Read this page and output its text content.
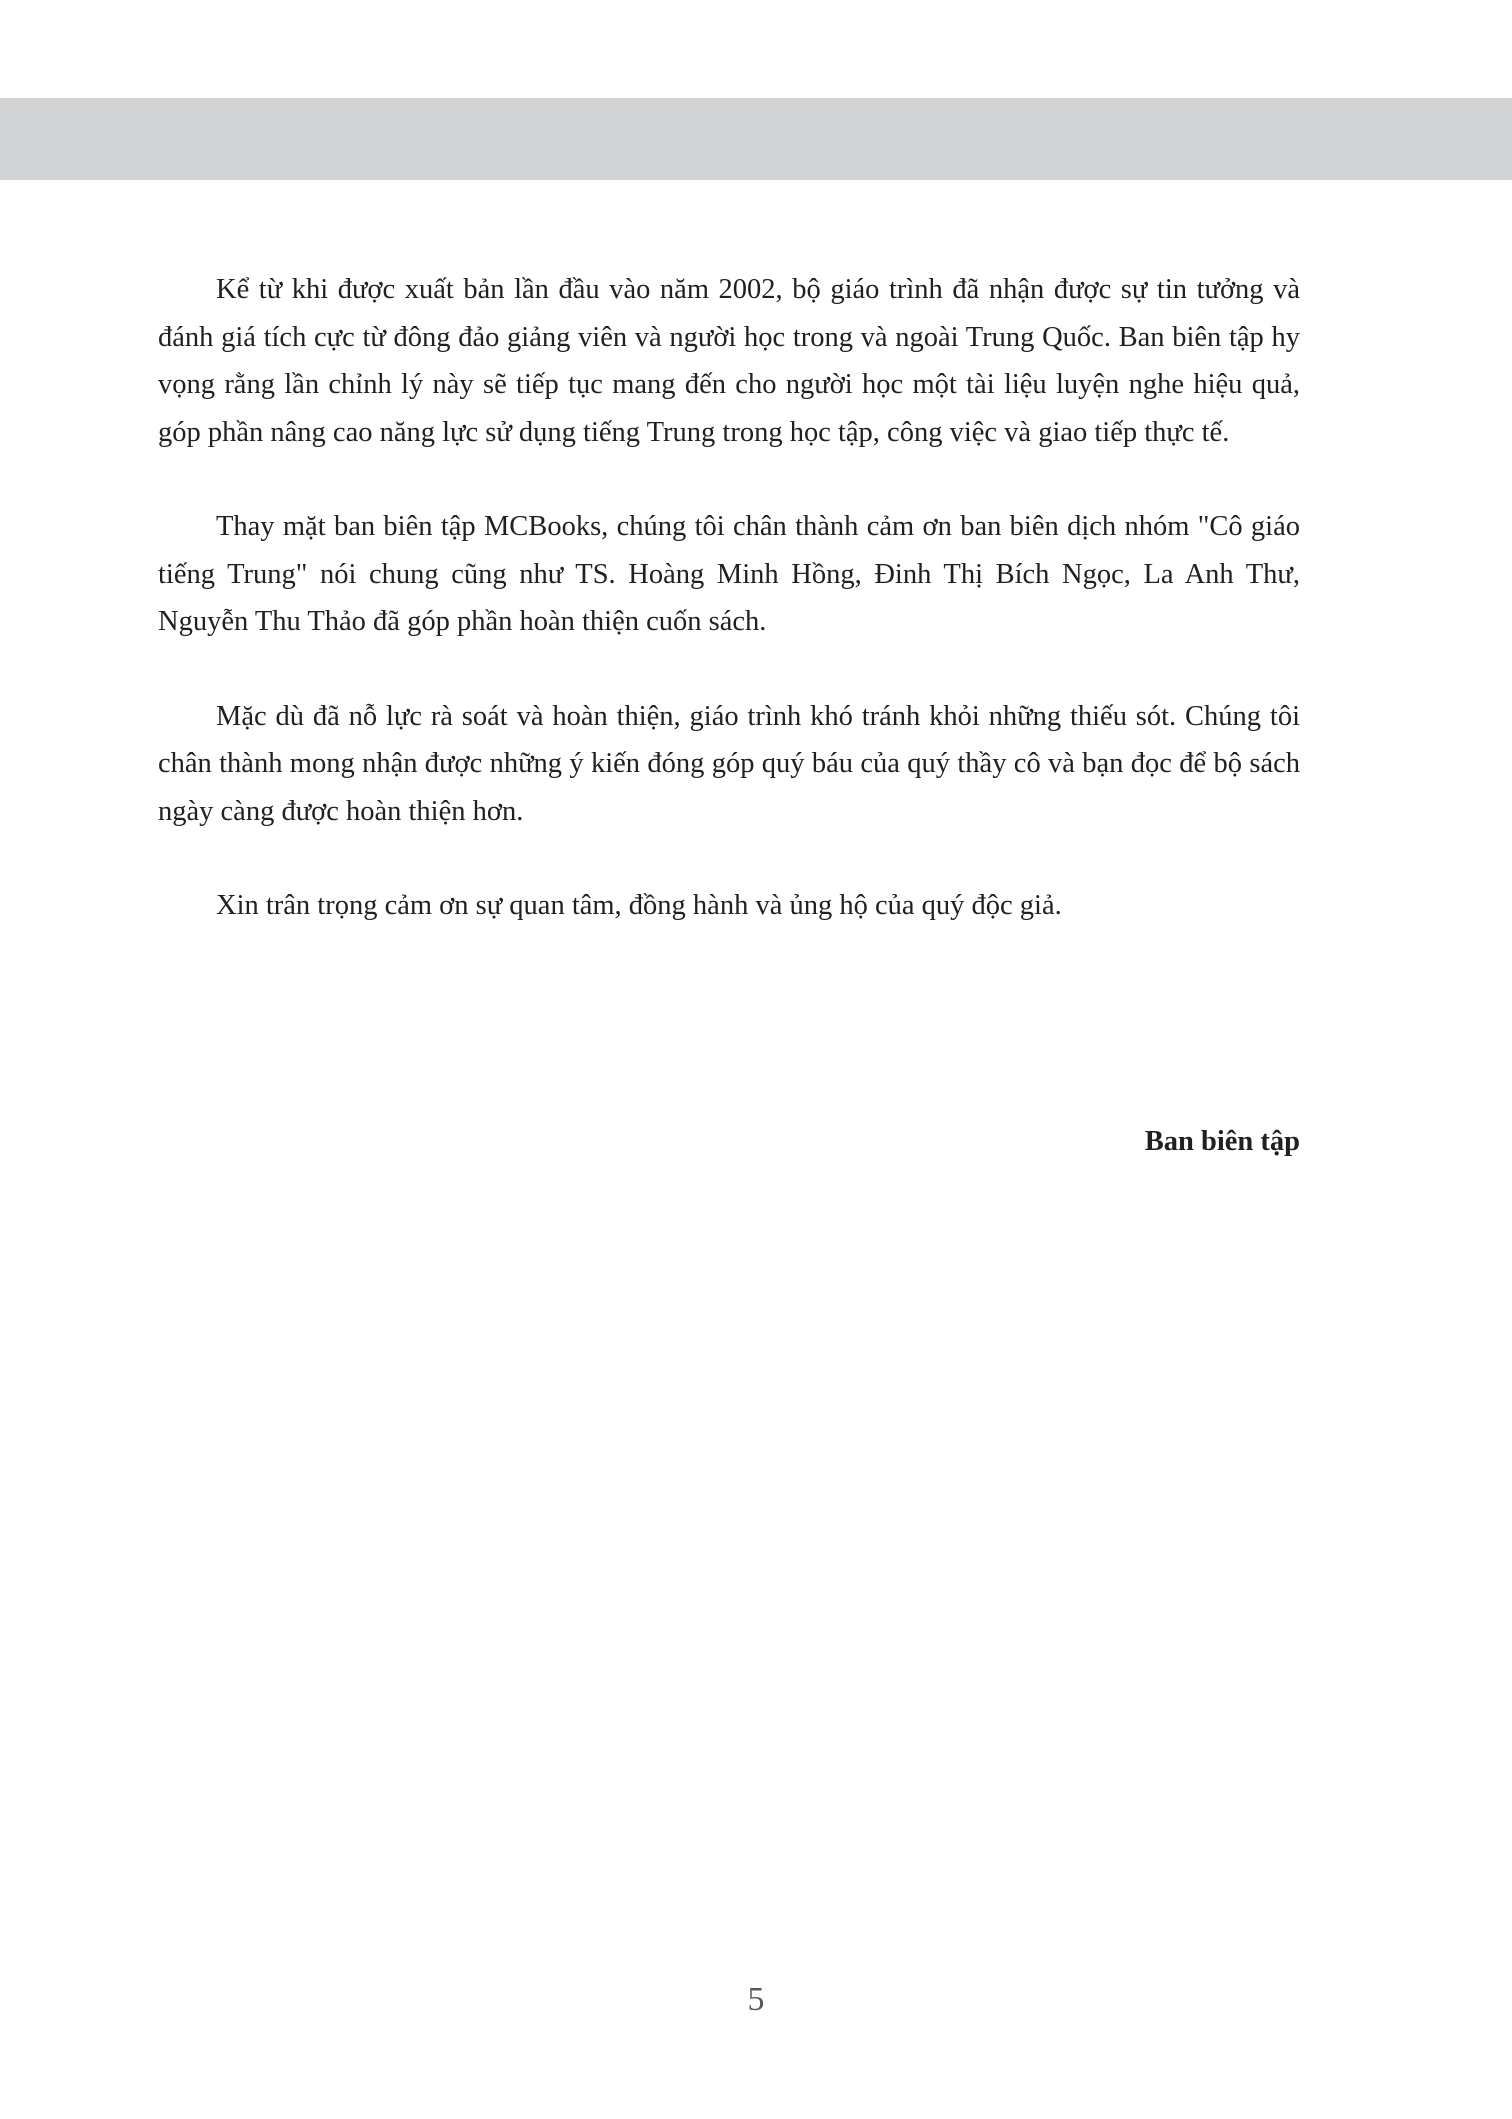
Kể từ khi được xuất bản lần đầu vào năm 2002, bộ giáo trình đã nhận được sự tin tưởng và đánh giá tích cực từ đông đảo giảng viên và người học trong và ngoài Trung Quốc. Ban biên tập hy vọng rằng lần chỉnh lý này sẽ tiếp tục mang đến cho người học một tài liệu luyện nghe hiệu quả, góp phần nâng cao năng lực sử dụng tiếng Trung trong học tập, công việc và giao tiếp thực tế.

Thay mặt ban biên tập MCBooks, chúng tôi chân thành cảm ơn ban biên dịch nhóm "Cô giáo tiếng Trung" nói chung cũng như TS. Hoàng Minh Hồng, Đinh Thị Bích Ngọc, La Anh Thư, Nguyễn Thu Thảo đã góp phần hoàn thiện cuốn sách.

Mặc dù đã nỗ lực rà soát và hoàn thiện, giáo trình khó tránh khỏi những thiếu sót. Chúng tôi chân thành mong nhận được những ý kiến đóng góp quý báu của quý thầy cô và bạn đọc để bộ sách ngày càng được hoàn thiện hơn.

Xin trân trọng cảm ơn sự quan tâm, đồng hành và ủng hộ của quý độc giả.

Ban biên tập
5
